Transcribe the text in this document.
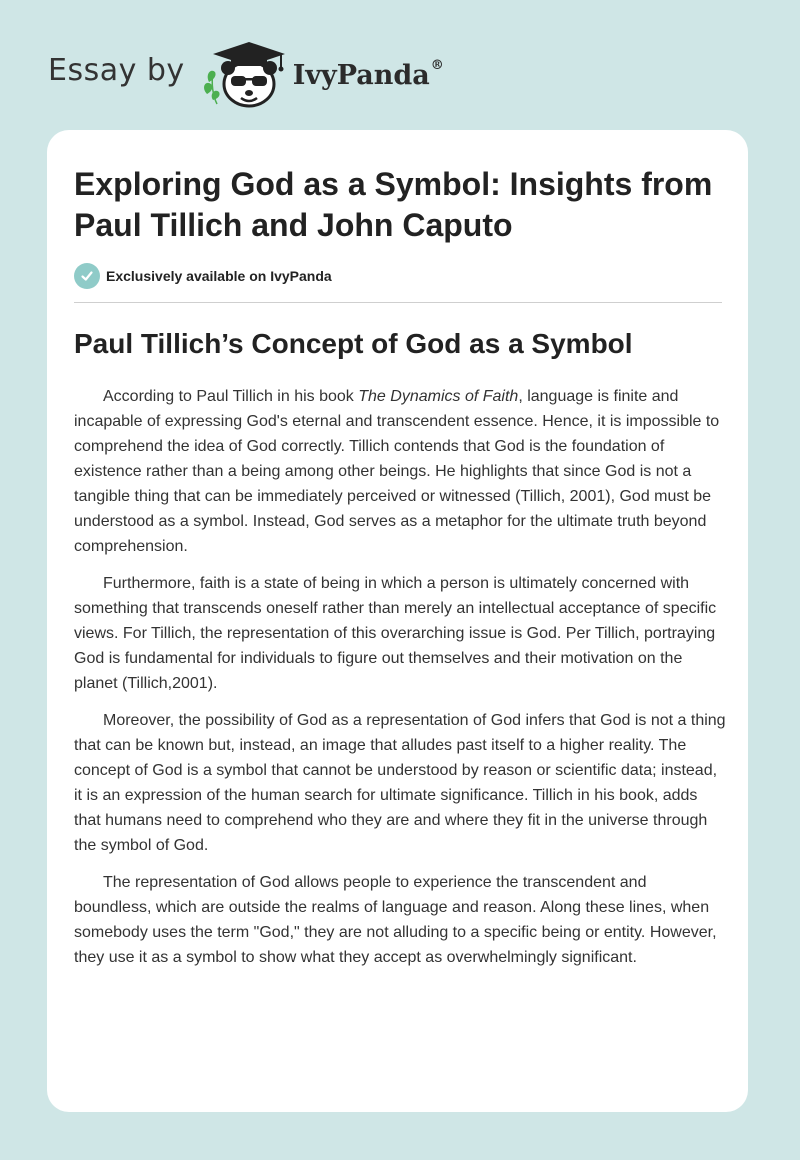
Essay by	IvyPanda®
Exploring God as a Symbol: Insights from Paul Tillich and John Caputo
Exclusively available on IvyPanda
Paul Tillich’s Concept of God as a Symbol

According to Paul Tillich in his book The Dynamics of Faith, language is finite and incapable of expressing God's eternal and transcendent essence. Hence, it is impossible to comprehend the idea of God correctly. Tillich contends that God is the foundation of existence rather than a being among other beings. He highlights that since God is not a tangible thing that can be immediately perceived or witnessed (Tillich, 2001), God must be understood as a symbol. Instead, God serves as a metaphor for the ultimate truth beyond comprehension.

Furthermore, faith is a state of being in which a person is ultimately concerned with something that transcends oneself rather than merely an intellectual acceptance of specific views. For Tillich, the representation of this overarching issue is God. Per Tillich, portraying God is fundamental for individuals to figure out themselves and their motivation on the planet (Tillich,2001).

Moreover, the possibility of God as a representation of God infers that God is not a thing that can be known but, instead, an image that alludes past itself to a higher reality. The concept of God is a symbol that cannot be understood by reason or scientific data; instead, it is an expression of the human search for ultimate significance. Tillich in his book, adds that humans need to comprehend who they are and where they fit in the universe through the symbol of God.

The representation of God allows people to experience the transcendent and boundless, which are outside the realms of language and reason. Along these lines, when somebody uses the term "God," they are not alluding to a specific being or entity. However, they use it as a symbol to show what they accept as overwhelmingly significant.
